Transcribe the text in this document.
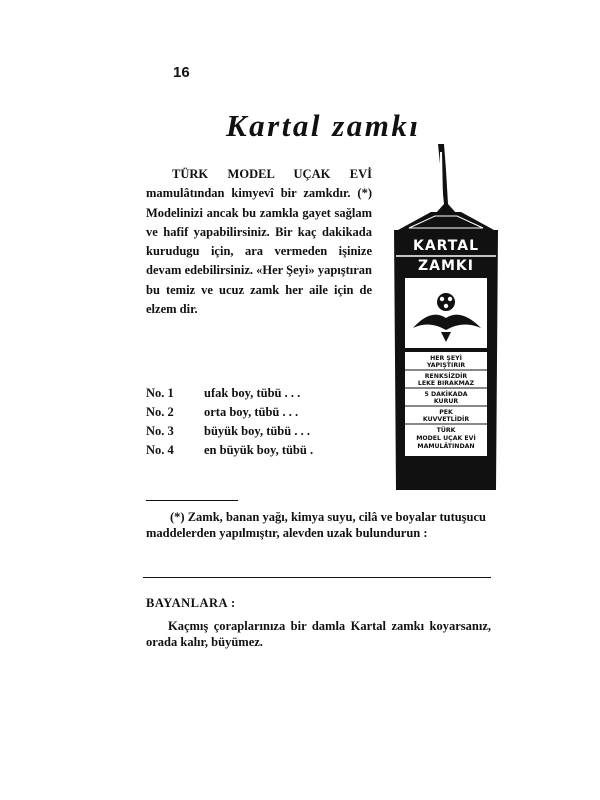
16
Kartal zamkı

TÜRK MODEL UÇAK EVİ mamulâtından kimyevî bir zamkdır. (*) Modelinizi ancak bu zamkla gayet sağlam ve hafif yapabilirsiniz. Bir kaç dakikada kurudugu için, ara vermeden işinize devam edebilirsiniz. «Her Şeyi» yapıştıran bu temiz ve ucuz zamk her aile için de elzem dir.

No. 1	ufak boy, tübü . . .
No. 2	orta boy, tübü . . .
No. 3	büyük boy, tübü . . .
No. 4	en büyük boy, tübü .

(*) Zamk, banan yağı, kimya suyu, cilâ ve boyalar tutuşucu maddelerden yapılmıştır, alevden uzak bulundurun :

BAYANLARA :

Kaçmış çoraplarınıza bir damla Kartal zamkı koyarsanız, orada kalır, büyümez.

KARTAL
ZAMKI
HER ŞEYİ
YAPIŞTIRIR
RENKSİZDİR
LEKE BIRAKMAZ
5 DAKİKADA
KURUR
PEK
KUVVETLİDİR
TÜRK
MODEL UÇAK EVİ
MAMULÂTINDAN
